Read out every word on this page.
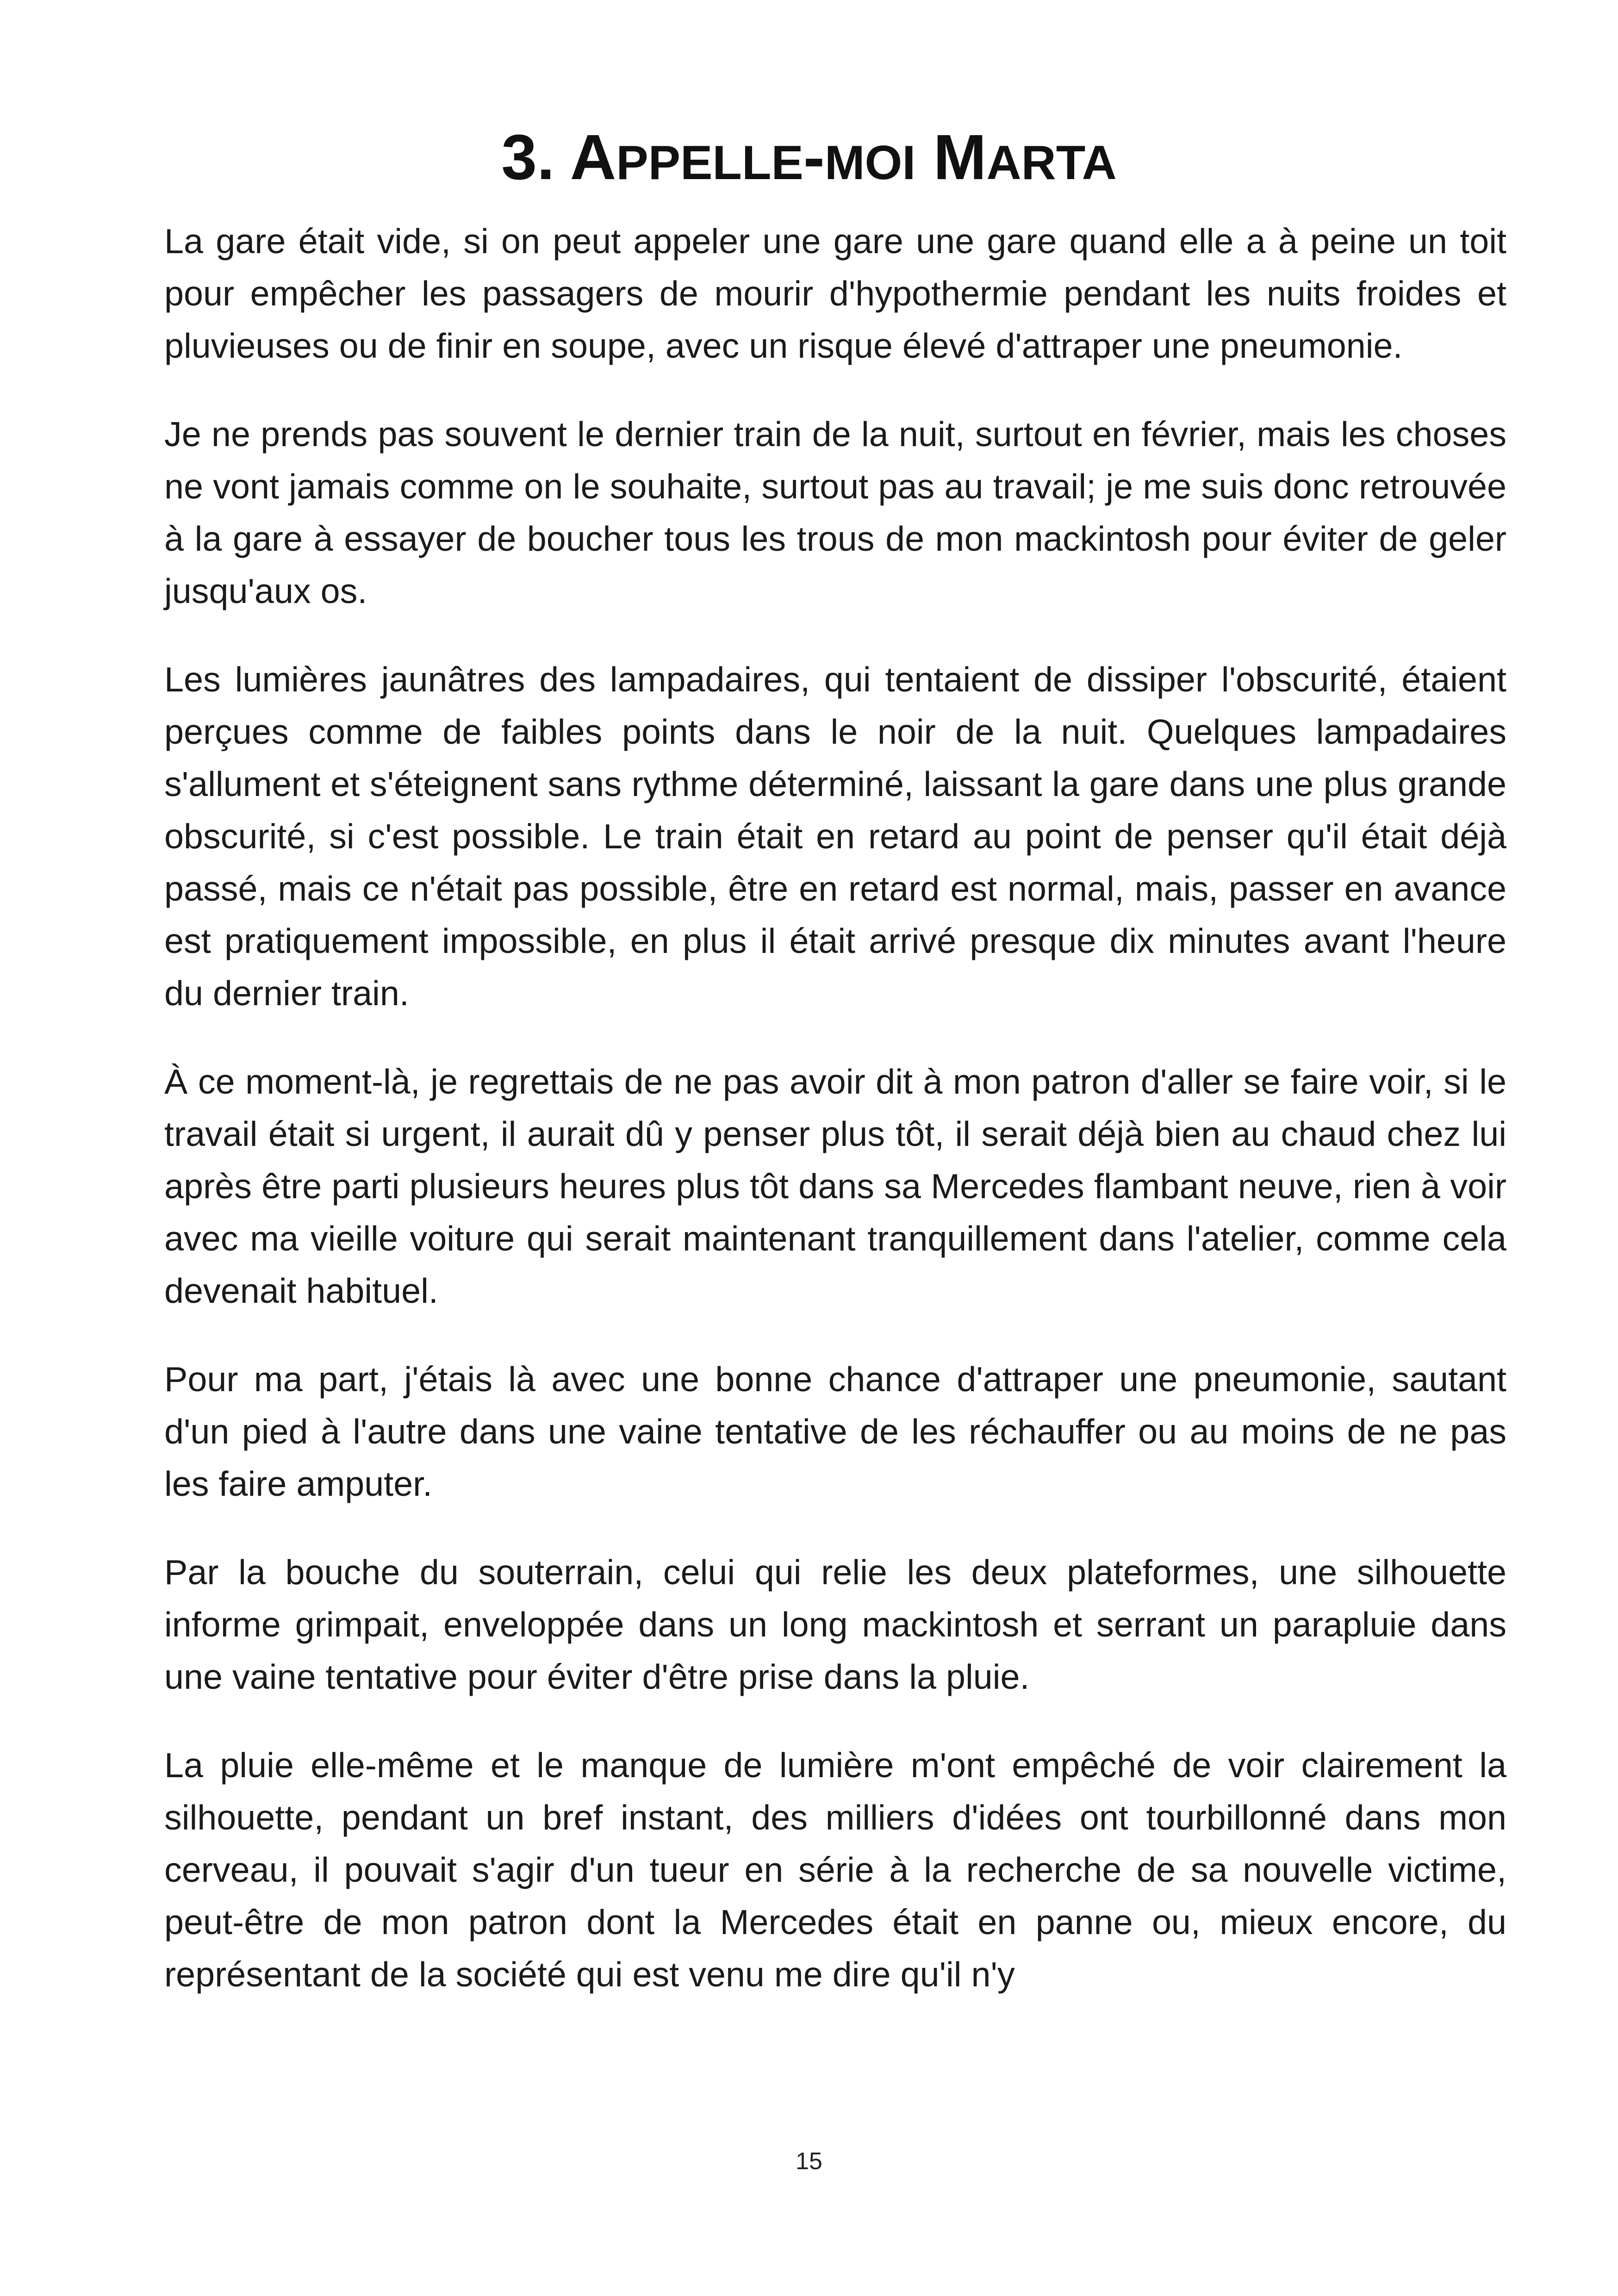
3. APPELLE-MOI MARTA

La gare était vide, si on peut appeler une gare une gare quand elle a à peine un toit pour empêcher les passagers de mourir d'hypothermie pendant les nuits froides et pluvieuses ou de finir en soupe, avec un risque élevé d'attraper une pneumonie.

Je ne prends pas souvent le dernier train de la nuit, surtout en février, mais les choses ne vont jamais comme on le souhaite, surtout pas au travail; je me suis donc retrouvée à la gare à essayer de boucher tous les trous de mon mackintosh pour éviter de geler jusqu'aux os.

Les lumières jaunâtres des lampadaires, qui tentaient de dissiper l'obscurité, étaient perçues comme de faibles points dans le noir de la nuit. Quelques lampadaires s'allument et s'éteignent sans rythme déterminé, laissant la gare dans une plus grande obscurité, si c'est possible. Le train était en retard au point de penser qu'il était déjà passé, mais ce n'était pas possible, être en retard est normal, mais, passer en avance est pratiquement impossible, en plus il était arrivé presque dix minutes avant l'heure du dernier train.

À ce moment-là, je regrettais de ne pas avoir dit à mon patron d'aller se faire voir, si le travail était si urgent, il aurait dû y penser plus tôt, il serait déjà bien au chaud chez lui après être parti plusieurs heures plus tôt dans sa Mercedes flambant neuve, rien à voir avec ma vieille voiture qui serait maintenant tranquillement dans l'atelier, comme cela devenait habituel.

Pour ma part, j'étais là avec une bonne chance d'attraper une pneumonie, sautant d'un pied à l'autre dans une vaine tentative de les réchauffer ou au moins de ne pas les faire amputer.

Par la bouche du souterrain, celui qui relie les deux plateformes, une silhouette informe grimpait, enveloppée dans un long mackintosh et serrant un parapluie dans une vaine tentative pour éviter d'être prise dans la pluie.

La pluie elle-même et le manque de lumière m'ont empêché de voir clairement la silhouette, pendant un bref instant, des milliers d'idées ont tourbillonné dans mon cerveau, il pouvait s'agir d'un tueur en série à la recherche de sa nouvelle victime, peut-être de mon patron dont la Mercedes était en panne ou, mieux encore, du représentant de la société qui est venu me dire qu'il n'y

15
